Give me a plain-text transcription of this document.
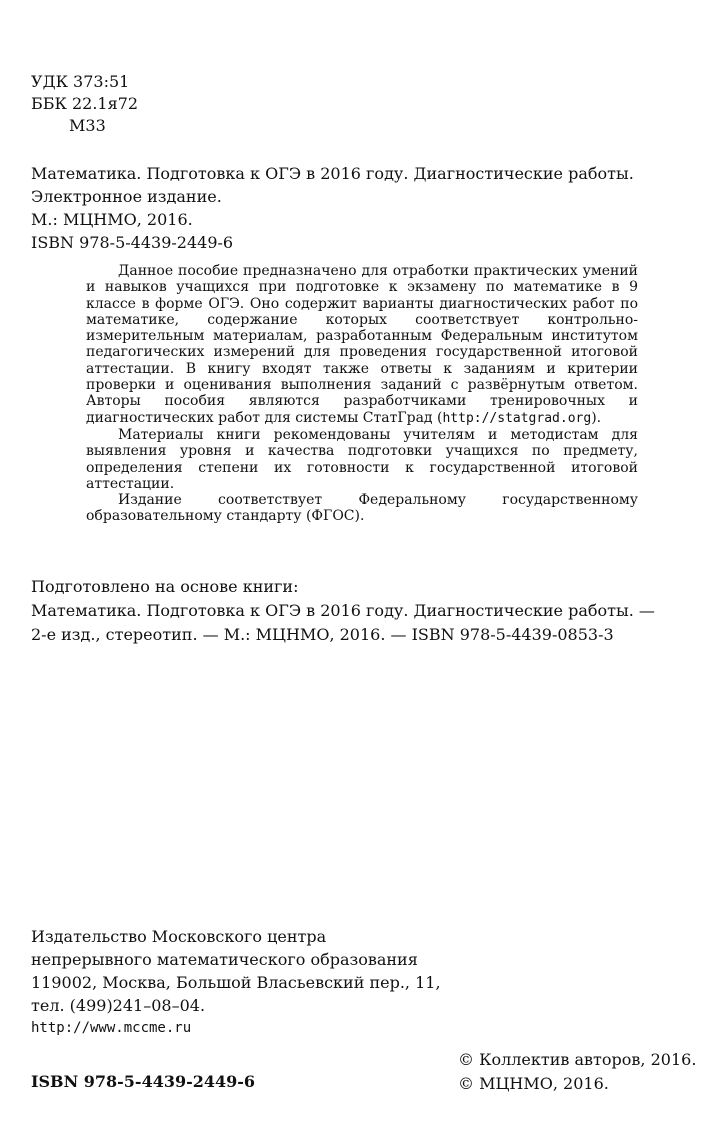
УДК 373:51
ББК 22.1я72
М33
Математика. Подготовка к ОГЭ в 2016 году. Диагностические работы.
Электронное издание.
М.: МЦНМО, 2016.
ISBN 978-5-4439-2449-6

Данное пособие предназначено для отработки практических умений и навыков учащихся при подготовке к экзамену по математике в 9 классе в форме ОГЭ. Оно содержит варианты диагностических работ по математике, содержание которых соответствует контрольно-измерительным материалам, разработанным Федеральным институтом педагогических измерений для проведения государственной итоговой аттестации. В книгу входят также ответы к заданиям и критерии проверки и оценивания выполнения заданий с развёрнутым ответом. Авторы пособия являются разработчиками тренировочных и диагностических работ для системы СтатГрад (http://statgrad.org).

Материалы книги рекомендованы учителям и методистам для выявления уровня и качества подготовки учащихся по предмету, определения степени их готовности к государственной итоговой аттестации.

Издание соответствует Федеральному государственному образовательному стандарту (ФГОС).

Подготовлено на основе книги:
Математика. Подготовка к ОГЭ в 2016 году. Диагностические работы. —
2-е изд., стереотип. — М.: МЦНМО, 2016. — ISBN 978-5-4439-0853-3
Издательство Московского центра
непрерывного математического образования
119002, Москва, Большой Власьевский пер., 11,
тел. (499)241–08–04.
http://www.mccme.ru
ISBN 978-5-4439-2449-6
© Коллектив авторов, 2016.
© МЦНМО, 2016.
